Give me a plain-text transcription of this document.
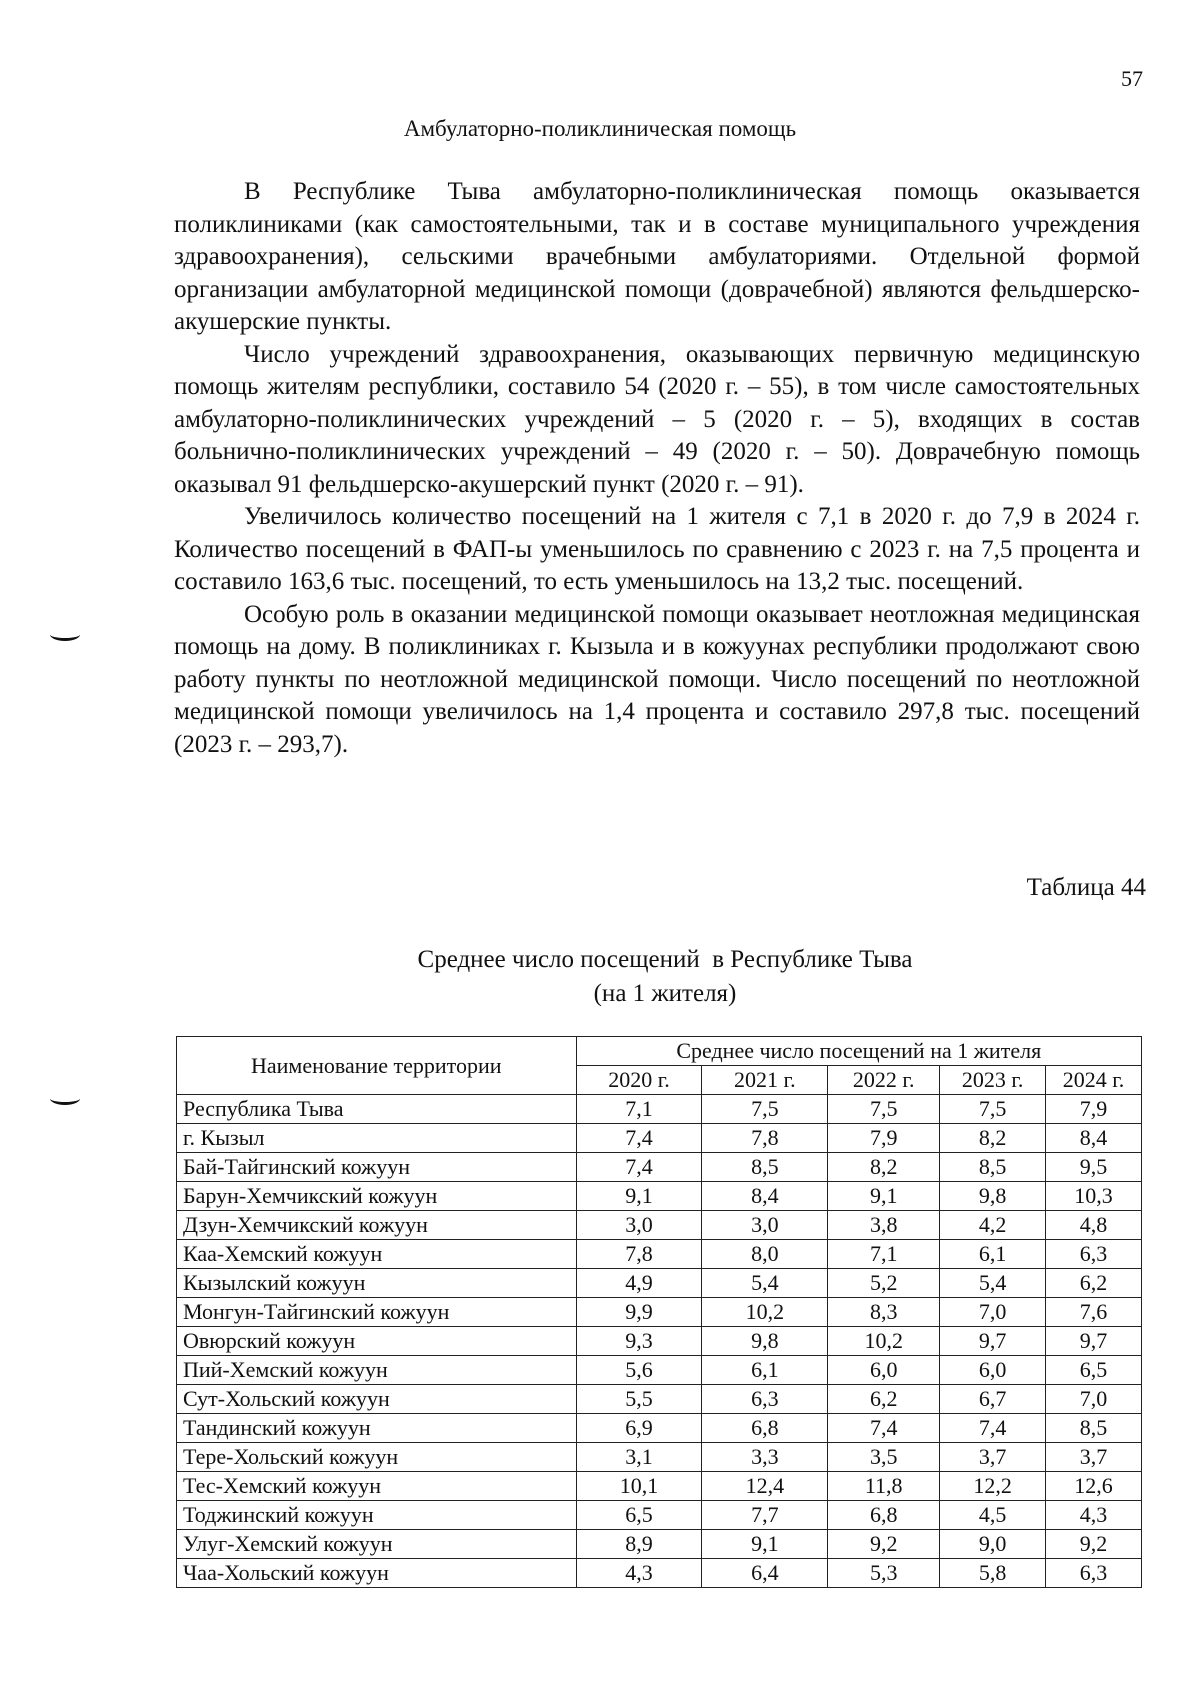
57
Амбулаторно-поликлиническая помощь

В Республике Тыва амбулаторно-поликлиническая помощь оказывается поликлиниками (как самостоятельными, так и в составе муниципального учреждения здравоохранения), сельскими врачебными амбулаториями. Отдельной формой организации амбулаторной медицинской помощи (доврачебной) являются фельдшерско-акушерские пункты.

Число учреждений здравоохранения, оказывающих первичную медицинскую помощь жителям республики, составило 54 (2020 г. – 55), в том числе самостоятельных амбулаторно-поликлинических учреждений – 5 (2020 г. – 5), входящих в состав больнично-поликлинических учреждений – 49 (2020 г. – 50). Доврачебную помощь оказывал 91 фельдшерско-акушерский пункт (2020 г. – 91).

Увеличилось количество посещений на 1 жителя с 7,1 в 2020 г. до 7,9 в 2024 г. Количество посещений в ФАП-ы уменьшилось по сравнению с 2023 г. на 7,5 процента и составило 163,6 тыс. посещений, то есть уменьшилось на 13,2 тыс. посещений.

Особую роль в оказании медицинской помощи оказывает неотложная медицинская помощь на дому. В поликлиниках г. Кызыла и в кожуунах республики продолжают свою работу пункты по неотложной медицинской помощи. Число посещений по неотложной медицинской помощи увеличилось на 1,4 процента и составило 297,8 тыс. посещений (2023 г. – 293,7).

Таблица 44
Среднее число посещений  в Республике Тыва
(на 1 жителя)
Наименование территории	Среднее число посещений на 1 жителя				
	2020 г.	2021 г.	2022 г.	2023 г.	2024 г.
Республика Тыва	7,1	7,5	7,5	7,5	7,9
г. Кызыл	7,4	7,8	7,9	8,2	8,4
Бай-Тайгинский кожуун	7,4	8,5	8,2	8,5	9,5
Барун-Хемчикский кожуун	9,1	8,4	9,1	9,8	10,3
Дзун-Хемчикский кожуун	3,0	3,0	3,8	4,2	4,8
Каа-Хемский кожуун	7,8	8,0	7,1	6,1	6,3
Кызылский кожуун	4,9	5,4	5,2	5,4	6,2
Монгун-Тайгинский кожуун	9,9	10,2	8,3	7,0	7,6
Овюрский кожуун	9,3	9,8	10,2	9,7	9,7
Пий-Хемский кожуун	5,6	6,1	6,0	6,0	6,5
Сут-Хольский кожуун	5,5	6,3	6,2	6,7	7,0
Тандинский кожуун	6,9	6,8	7,4	7,4	8,5
Тере-Хольский кожуун	3,1	3,3	3,5	3,7	3,7
Тес-Хемский кожуун	10,1	12,4	11,8	12,2	12,6
Тоджинский кожуун	6,5	7,7	6,8	4,5	4,3
Улуг-Хемский кожуун	8,9	9,1	9,2	9,0	9,2
Чаа-Хольский кожуун	4,3	6,4	5,3	5,8	6,3
